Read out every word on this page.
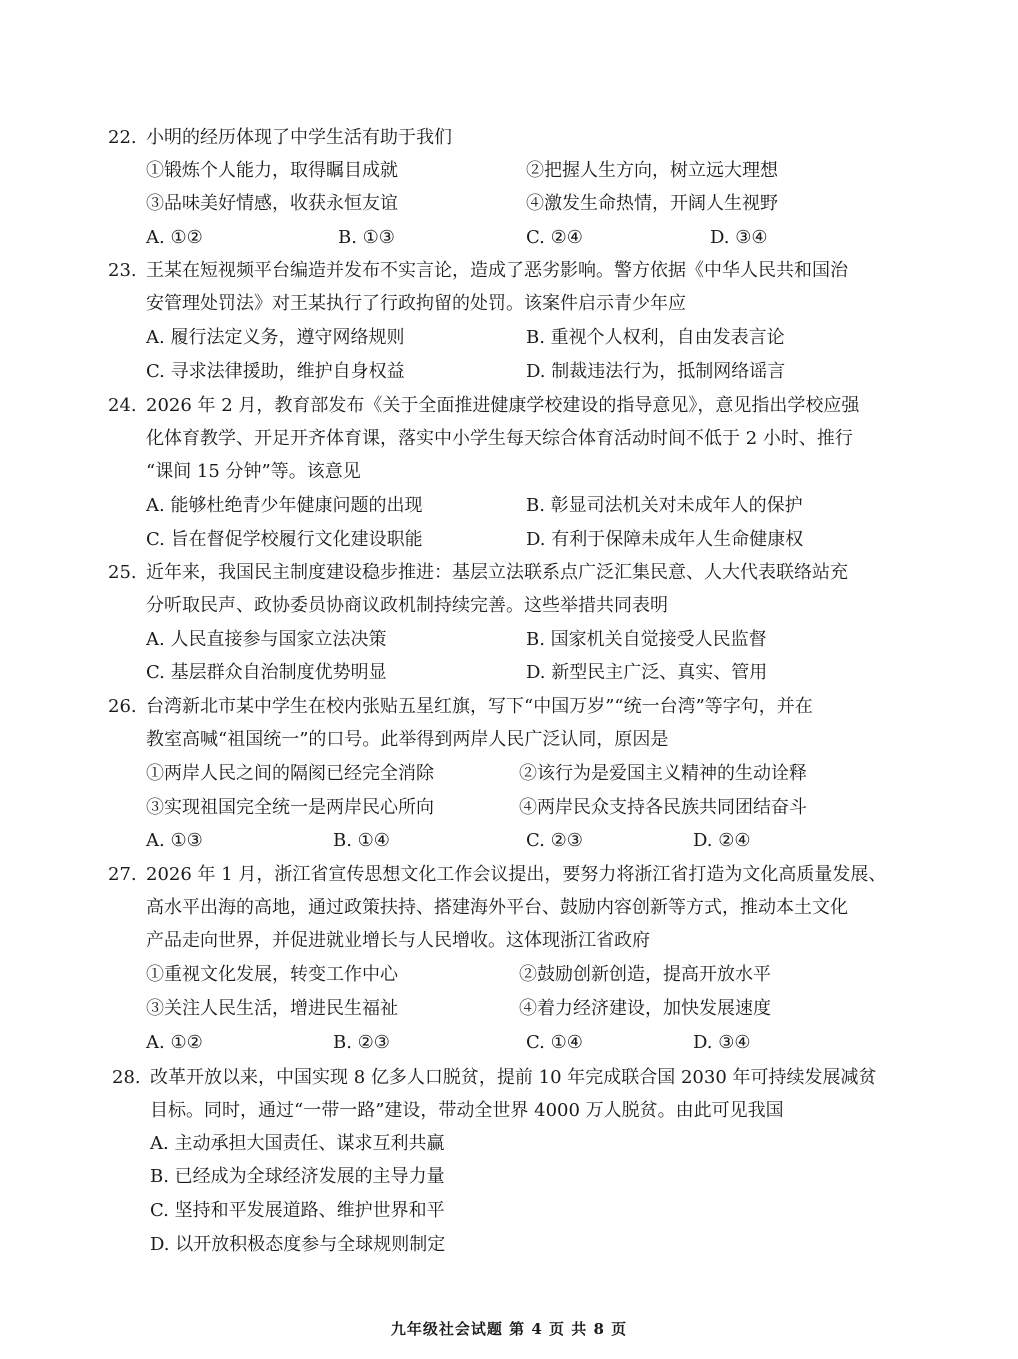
22. 小明的经历体现了中学生活有助于我们
①锻炼个人能力，取得瞩目成就	②把握人生方向，树立远大理想
③品味美好情感，收获永恒友谊	④激发生命热情，开阔人生视野
A. ①②	B. ①③	C. ②④	D. ③④
23. 王某在短视频平台编造并发布不实言论，造成了恶劣影响。警方依据《中华人民共和国治
安管理处罚法》对王某执行了行政拘留的处罚。该案件启示青少年应
A. 履行法定义务，遵守网络规则	B. 重视个人权利，自由发表言论
C. 寻求法律援助，维护自身权益	D. 制裁违法行为，抵制网络谣言
24. 2026 年 2 月，教育部发布《关于全面推进健康学校建设的指导意见》，意见指出学校应强
化体育教学、开足开齐体育课，落实中小学生每天综合体育活动时间不低于 2 小时、推行
“课间 15 分钟”等。该意见
A. 能够杜绝青少年健康问题的出现	B. 彰显司法机关对未成年人的保护
C. 旨在督促学校履行文化建设职能	D. 有利于保障未成年人生命健康权
25. 近年来，我国民主制度建设稳步推进：基层立法联系点广泛汇集民意、人大代表联络站充
分听取民声、政协委员协商议政机制持续完善。这些举措共同表明
A. 人民直接参与国家立法决策	B. 国家机关自觉接受人民监督
C. 基层群众自治制度优势明显	D. 新型民主广泛、真实、管用
26. 台湾新北市某中学生在校内张贴五星红旗，写下“中国万岁”“统一台湾”等字句，并在
教室高喊“祖国统一”的口号。此举得到两岸人民广泛认同，原因是
①两岸人民之间的隔阂已经完全消除	②该行为是爱国主义精神的生动诠释
③实现祖国完全统一是两岸民心所向	④两岸民众支持各民族共同团结奋斗
A. ①③	B. ①④	C. ②③	D. ②④
27. 2026 年 1 月，浙江省宣传思想文化工作会议提出，要努力将浙江省打造为文化高质量发展、
高水平出海的高地，通过政策扶持、搭建海外平台、鼓励内容创新等方式，推动本土文化
产品走向世界，并促进就业增长与人民增收。这体现浙江省政府
①重视文化发展，转变工作中心	②鼓励创新创造，提高开放水平
③关注人民生活，增进民生福祉	④着力经济建设，加快发展速度
A. ①②	B. ②③	C. ①④	D. ③④
28. 改革开放以来，中国实现 8 亿多人口脱贫，提前 10 年完成联合国 2030 年可持续发展减贫
目标。同时，通过“一带一路”建设，带动全世界 4000 万人脱贫。由此可见我国
A. 主动承担大国责任、谋求互利共赢
B. 已经成为全球经济发展的主导力量
C. 坚持和平发展道路、维护世界和平
D. 以开放积极态度参与全球规则制定
九年级社会试题 第 4 页 共 8 页
